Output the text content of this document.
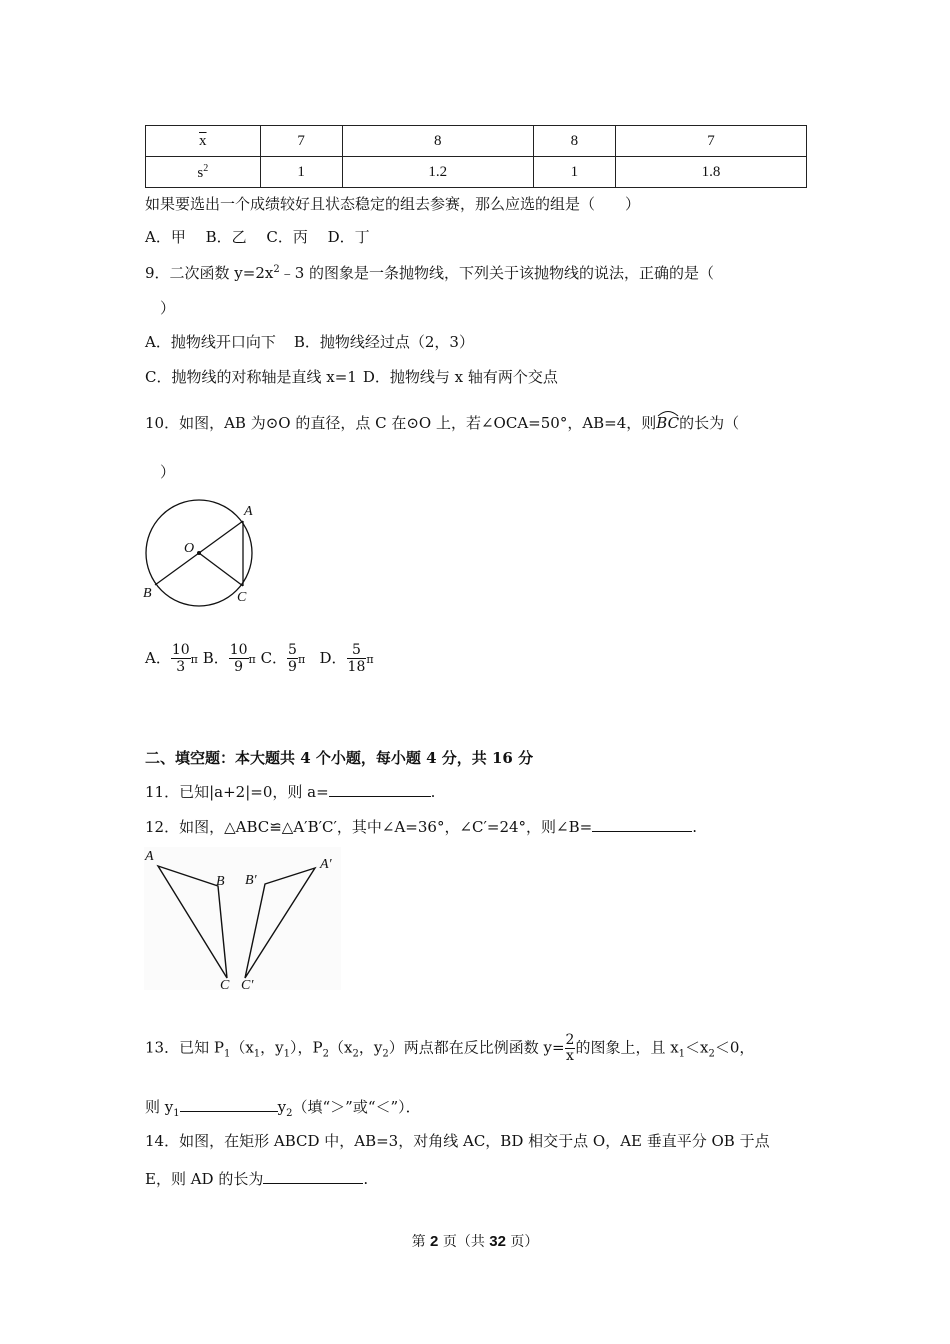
$\overline{x}$	7	8	8	7
$s^2$	1	1.2	1	1.8
如果要选出一个成绩较好且状态稳定的组去参赛，那么应选的组是（　　）
A．甲　 B．乙　 C．丙　 D．丁
9．二次函数 $y=2x^2﹣3$ 的图象是一条抛物线，下列关于该抛物线的说法，正确的是（
）
A．抛物线开口向下 B．抛物线经过点（2，3）
C．抛物线的对称轴是直线 x=1 D．抛物线与 x 轴有两个交点
10．如图，AB 为⊙O 的直径，点 C 在⊙O 上，若∠OCA=50°，AB=4，则
BC的长为（
）
A
O
B	C
A． $\frac{10}{3}$ π B． $\frac{10}{9}$ π C． $\frac{5}{9}$ π D． $\frac{5}{18}$ π
二、填空题：本大题共 4 个小题，每小题 4 分，共 16 分
11．已知|a+2|=0，则 a=	.
12．如图，△ABC≌△A′B′C′，其中∠A=36°，∠C′=24°，则∠B=	.
A
B
C
A′
B′
C′
13．已知 $P_1(x_1$，$y_1$），$P_2(x_2$，$y_2$）两点都在反比例函数 $y= \frac{2}{x}$ 的图象上，且 $x_1<x_2<0$，
则 $y_1$	$y_2$（填“＞”或“＜”）．
14．如图，在矩形 ABCD 中，AB=3，对角线 AC，BD 相交于点 O，AE 垂直平分 OB 于点
E，则 AD 的长为	.
第 2 页（共 32 页）
